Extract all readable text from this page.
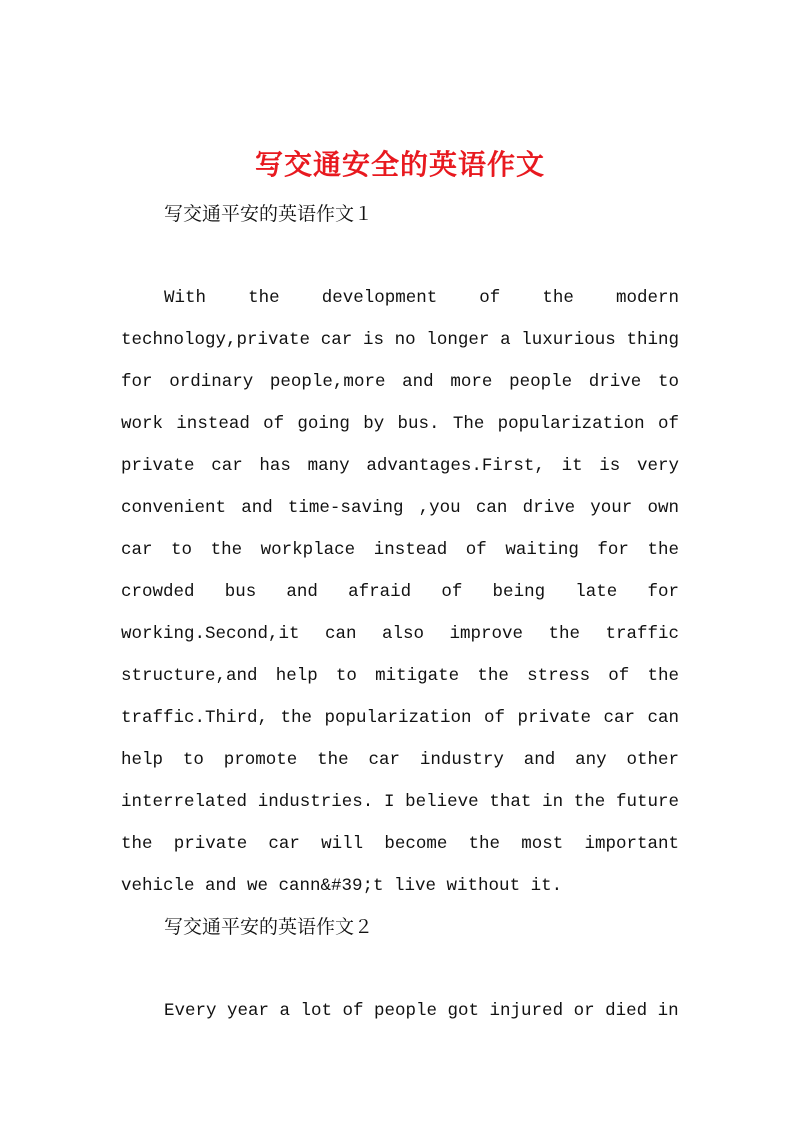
写交通安全的英语作文
写交通平安的英语作文１

With the development of the modern technology,private car is no longer a luxurious thing for ordinary people,more and more people drive to work instead of going by bus. The popularization of private car has many advantages.First, it is very convenient and time-saving ,you can drive your own car to the workplace instead of waiting for the crowded bus and afraid of being late for working.Second,it can also improve the traffic structure,and help to mitigate the stress of the traffic.Third, the popularization of private car can help to promote the car industry and any other interrelated industries. I believe that in the future the private car will become the most important vehicle and we cann&#39;t live without it.

写交通平安的英语作文２

Every year a lot of people got injured or died in
